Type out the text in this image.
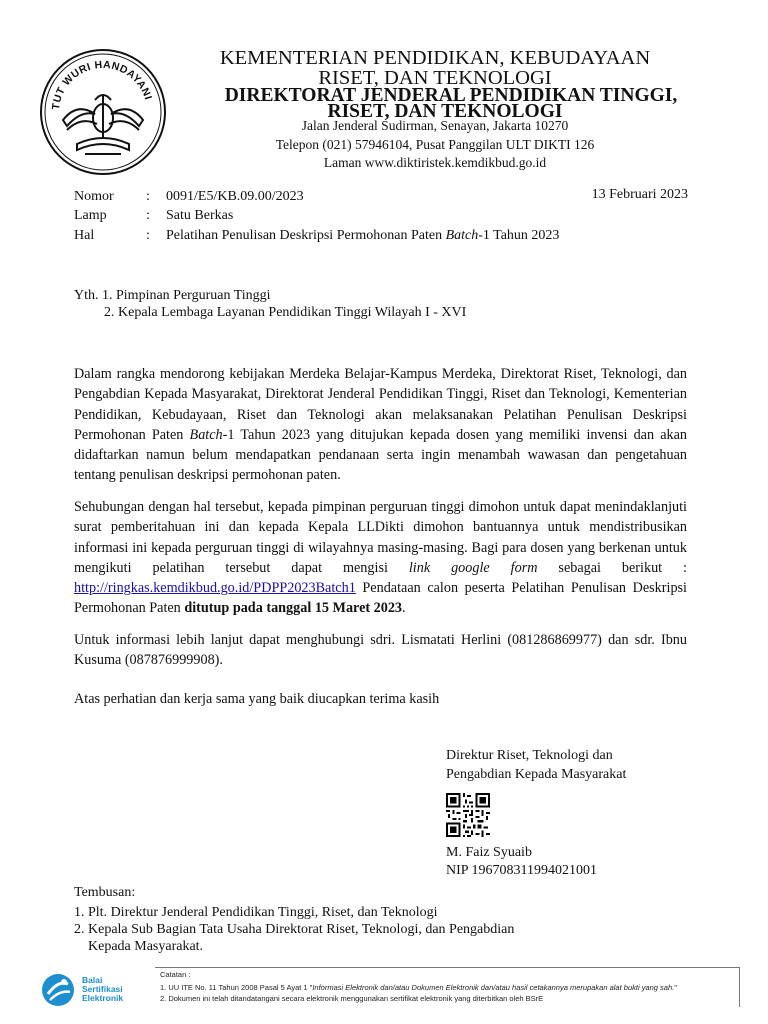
TUT WURI HANDAYANI
KEMENTERIAN PENDIDIKAN, KEBUDAYAAN
RISET, DAN TEKNOLOGI
DIREKTORAT JENDERAL PENDIDIKAN TINGGI,
RISET, DAN TEKNOLOGI
Jalan Jenderal Sudirman, Senayan, Jakarta 10270
Telepon (021) 57946104, Pusat Panggilan ULT DIKTI 126
Laman www.diktiristek.kemdikbud.go.id
Nomor : 0091/E5/KB.09.00/2023	13 Februari 2023
Lamp	: Satu Berkas
Hal	: Pelatihan Penulisan Deskripsi Permohonan Paten Batch-1 Tahun 2023
Yth. 1. Pimpinan Perguruan Tinggi
2. Kepala Lembaga Layanan Pendidikan Tinggi Wilayah I - XVI
Dalam rangka mendorong kebijakan Merdeka Belajar-Kampus Merdeka, Direktorat Riset, Teknologi, dan Pengabdian Kepada Masyarakat, Direktorat Jenderal Pendidikan Tinggi, Riset dan Teknologi, Kementerian Pendidikan, Kebudayaan, Riset dan Teknologi akan melaksanakan Pelatihan Penulisan Deskripsi Permohonan Paten Batch-1 Tahun 2023 yang ditujukan kepada dosen yang memiliki invensi dan akan didaftarkan namun belum mendapatkan pendanaan serta ingin menambah wawasan dan pengetahuan tentang penulisan deskripsi permohonan paten.
Sehubungan dengan hal tersebut, kepada pimpinan perguruan tinggi dimohon untuk dapat menindaklanjuti surat pemberitahuan ini dan kepada Kepala LLDikti dimohon bantuannya untuk mendistribusikan informasi ini kepada perguruan tinggi di wilayahnya masing-masing. Bagi para dosen yang berkenan untuk mengikuti pelatihan tersebut dapat mengisi link google form sebagai berikut : http://ringkas.kemdikbud.go.id/PDPP2023Batch1 Pendataan calon peserta Pelatihan Penulisan Deskripsi Permohonan Paten ditutup pada tanggal 15 Maret 2023.
Untuk informasi lebih lanjut dapat menghubungi sdri. Lismatati Herlini (081286869977) dan sdr. Ibnu Kusuma (087876999908).
Atas perhatian dan kerja sama yang baik diucapkan terima kasih
Direktur Riset, Teknologi dan
Pengabdian Kepada Masyarakat
M. Faiz Syuaib
NIP 196708311994021001
Tembusan:
1. Plt. Direktur Jenderal Pendidikan Tinggi, Riset, dan Teknologi
2. Kepala Sub Bagian Tata Usaha Direktorat Riset, Teknologi, dan Pengabdian
Kepada Masyarakat.
Balai
Sertifikasi
Elektronik
Catatan :
1. UU ITE No. 11 Tahun 2008 Pasal 5 Ayat 1 "Informasi Elektronik dan/atau Dokumen Elektronik dan/atau hasil cetakannya merupakan alat bukti yang sah."
2. Dokumen ini telah ditandatangani secara elektronik menggunakan sertifikat elektronik yang diterbitkan oleh BSrE
